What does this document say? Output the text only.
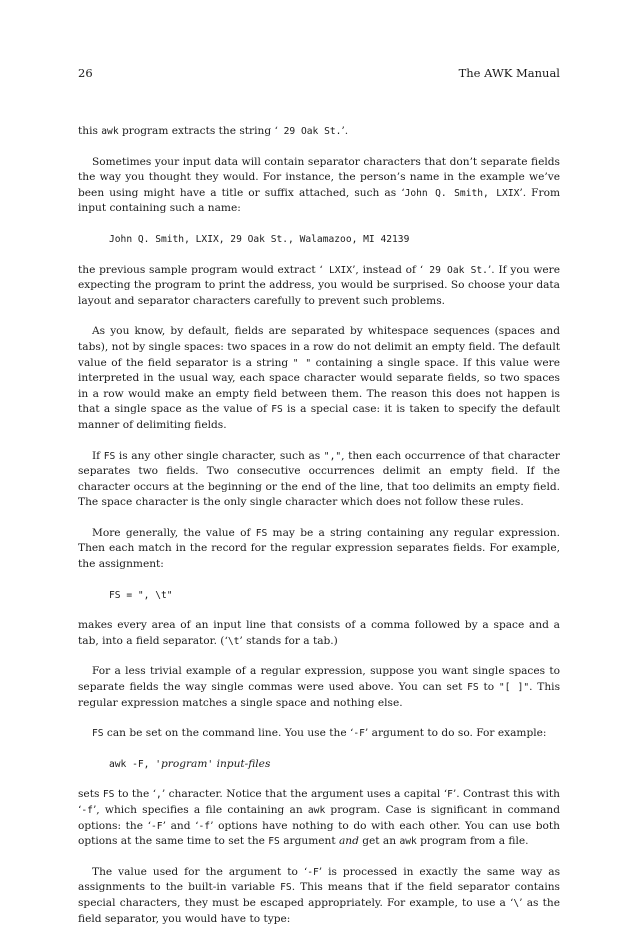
26	The AWK Manual

this awk program extracts the string ‘ 29 Oak St.’.

Sometimes your input data will contain separator characters that don’t separate fields the way you thought they would. For instance, the person’s name in the example we’ve been using might have a title or suffix attached, such as ‘John Q. Smith, LXIX’. From input containing such a name:

John Q. Smith, LXIX, 29 Oak St., Walamazoo, MI 42139

the previous sample program would extract ‘ LXIX’, instead of ‘ 29 Oak St.’. If you were expecting the program to print the address, you would be surprised. So choose your data layout and separator characters carefully to prevent such problems.

As you know, by default, fields are separated by whitespace sequences (spaces and tabs), not by single spaces: two spaces in a row do not delimit an empty field. The default value of the field separator is a string " " containing a single space. If this value were interpreted in the usual way, each space character would separate fields, so two spaces in a row would make an empty field between them. The reason this does not happen is that a single space as the value of FS is a special case: it is taken to specify the default manner of delimiting fields.

If FS is any other single character, such as ",", then each occurrence of that character separates two fields. Two consecutive occurrences delimit an empty field. If the character occurs at the beginning or the end of the line, that too delimits an empty field. The space character is the only single character which does not follow these rules.

More generally, the value of FS may be a string containing any regular expression. Then each match in the record for the regular expression separates fields. For example, the assignment:

FS = ", \t"

makes every area of an input line that consists of a comma followed by a space and a tab, into a field separator. (‘\t’ stands for a tab.)

For a less trivial example of a regular expression, suppose you want single spaces to separate fields the way single commas were used above. You can set FS to "[ ]". This regular expression matches a single space and nothing else.

FS can be set on the command line. You use the ‘-F’ argument to do so. For example:

awk -F, 'program' input-files

sets FS to the ‘,’ character. Notice that the argument uses a capital ‘F’. Contrast this with ‘-f’, which specifies a file containing an awk program. Case is significant in command options: the ‘-F’ and ‘-f’ options have nothing to do with each other. You can use both options at the same time to set the FS argument and get an awk program from a file.

The value used for the argument to ‘-F’ is processed in exactly the same way as assignments to the built-in variable FS. This means that if the field separator contains special characters, they must be escaped appropriately. For example, to use a ‘\’ as the field separator, you would have to type:
